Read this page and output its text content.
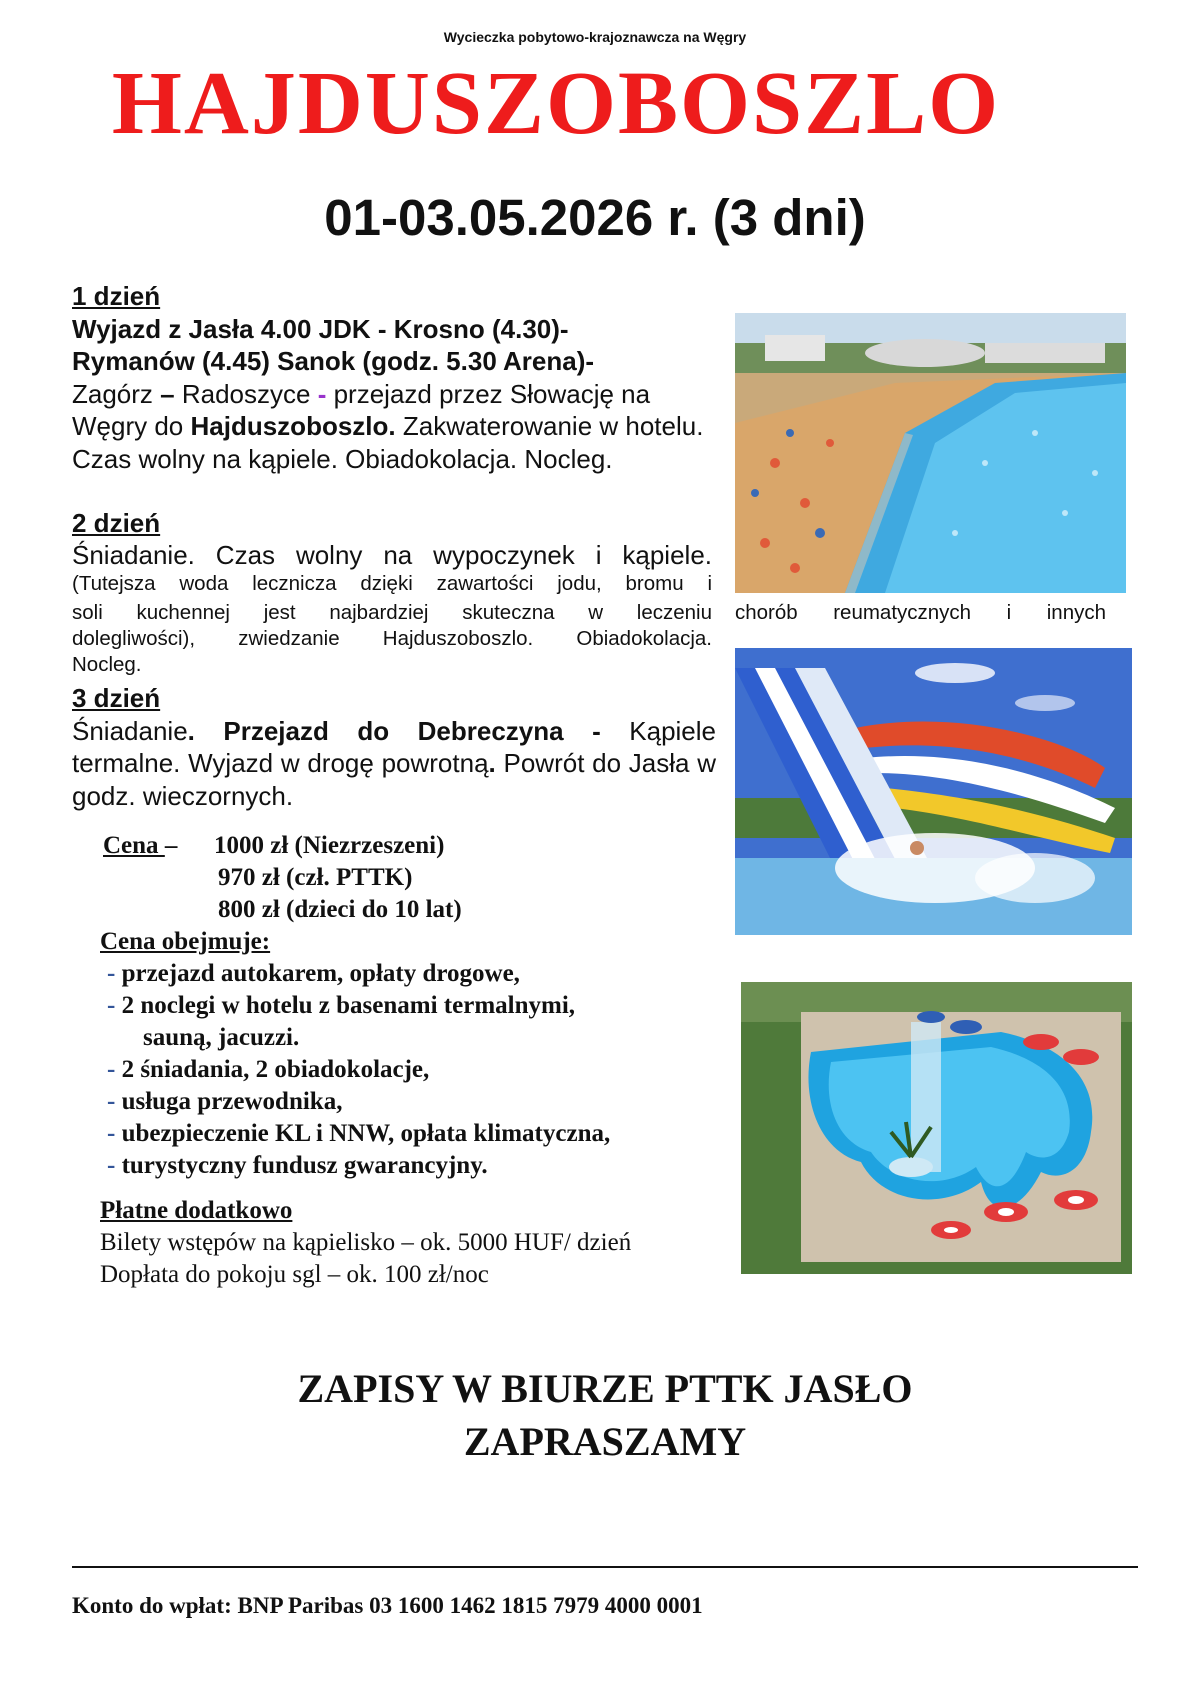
Wycieczka pobytowo-krajoznawcza na Węgry
HAJDUSZOBOSZLO
01-03.05.2026 r. (3 dni)
1 dzień
Wyjazd z Jasła 4.00 JDK - Krosno (4.30)-
Rymanów (4.45) Sanok (godz. 5.30 Arena)-
Zagórz – Radoszyce - przejazd przez Słowację na Węgry do Hajduszoboszlo. Zakwaterowanie w hotelu. Czas wolny na kąpiele. Obiadokolacja. Nocleg.
2 dzień
Śniadanie. Czas wolny na wypoczynek i kąpiele.
(Tutejsza woda lecznicza dzięki zawartości jodu, bromu i
soli kuchennej jest najbardziej skuteczna w leczeniu chorób reumatycznych i innych
dolegliwości), zwiedzanie Hajduszoboszlo. Obiadokolacja.
Nocleg.
3 dzień
Śniadanie. Przejazd do Debreczyna - Kąpiele termalne. Wyjazd w drogę powrotną. Powrót do Jasła w godz. wieczornych.
Cena – 1000 zł (Niezrzeszeni)
970 zł (czł. PTTK)
800 zł (dzieci do 10 lat)
Cena obejmuje:
- przejazd autokarem, opłaty drogowe,
- 2 noclegi w hotelu z basenami termalnymi,
sauną, jacuzzi.
- 2 śniadania, 2 obiadokolacje,
- usługa przewodnika,
- ubezpieczenie KL i NNW, opłata klimatyczna,
- turystyczny fundusz gwarancyjny.
Płatne dodatkowo
Bilety wstępów na kąpielisko – ok. 5000 HUF/ dzień
Dopłata do pokoju sgl – ok. 100 zł/noc
ZAPISY W BIURZE PTTK JASŁO
ZAPRASZAMY
Konto do wpłat: BNP Paribas 03 1600 1462 1815 7979 4000 0001
